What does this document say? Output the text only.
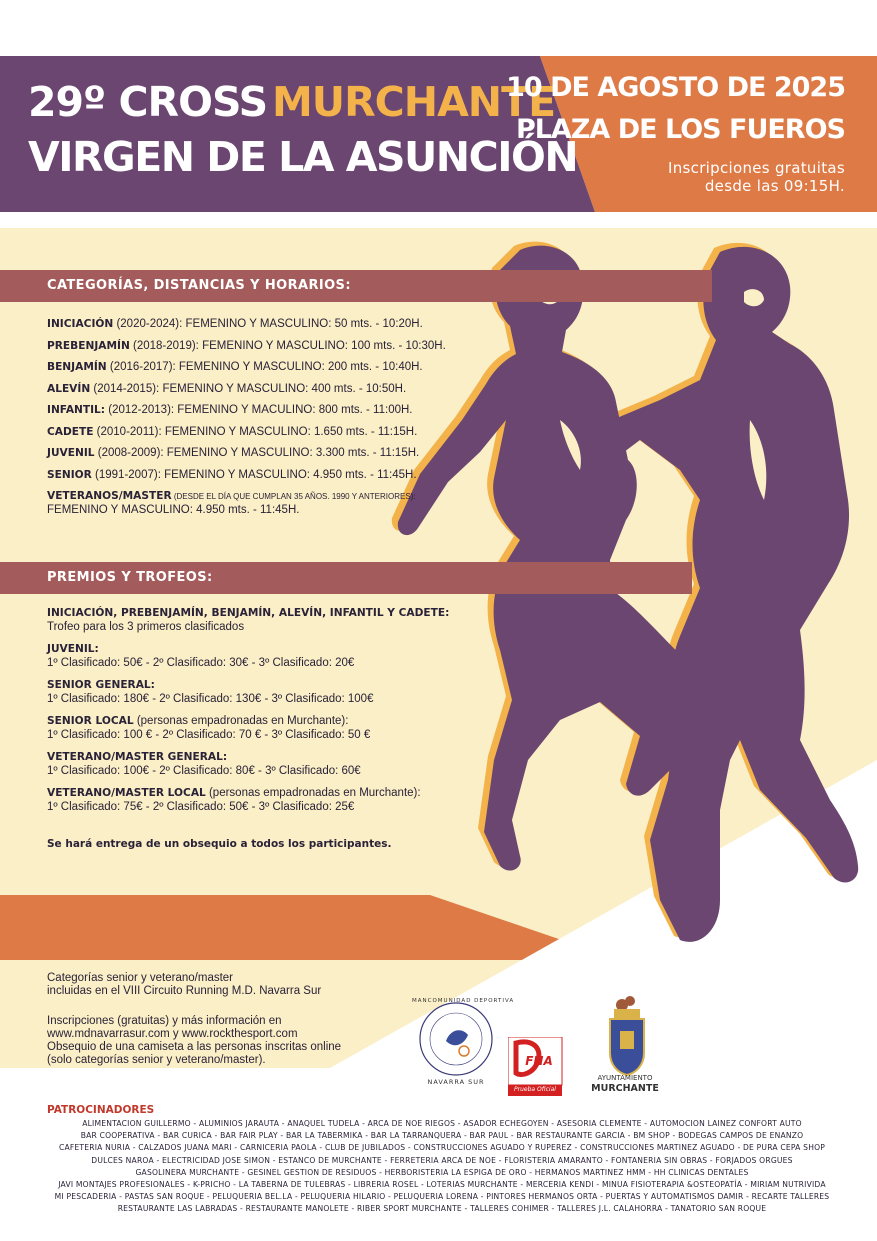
29º CROSS MURCHANTE
VIRGEN DE LA ASUNCIÓN
10 DE AGOSTO DE 2025
PLAZA DE LOS FUEROS
Inscripciones gratuitas
desde las 09:15H.
CATEGORÍAS, DISTANCIAS Y HORARIOS:
INICIACIÓN (2020-2024): FEMENINO Y MASCULINO: 50 mts. - 10:20H.
PREBENJAMÍN (2018-2019): FEMENINO Y MASCULINO: 100 mts. - 10:30H.
BENJAMÍN (2016-2017): FEMENINO Y MASCULINO: 200 mts. - 10:40H.
ALEVÍN (2014-2015): FEMENINO Y MASCULINO: 400 mts. - 10:50H.
INFANTIL: (2012-2013): FEMENINO Y MACULINO: 800 mts. - 11:00H.
CADETE (2010-2011): FEMENINO Y MASCULINO: 1.650 mts. - 11:15H.
JUVENIL (2008-2009): FEMENINO Y MASCULINO: 3.300 mts. - 11:15H.
SENIOR (1991-2007): FEMENINO Y MASCULINO: 4.950 mts. - 11:45H.
VETERANOS/MASTER (DESDE EL DÍA QUE CUMPLAN 35 AÑOS. 1990 Y ANTERIORES):
FEMENINO Y MASCULINO: 4.950 mts. - 11:45H.
PREMIOS Y TROFEOS:
INICIACIÓN, PREBENJAMÍN, BENJAMÍN, ALEVÍN, INFANTIL Y CADETE:
Trofeo para los 3 primeros clasificados
JUVENIL:
1º Clasificado: 50€ - 2º Clasificado: 30€ - 3º Clasificado: 20€
SENIOR GENERAL:
1º Clasificado: 180€ - 2º Clasificado: 130€ - 3º Clasificado: 100€
SENIOR LOCAL (personas empadronadas en Murchante):
1º Clasificado: 100 € - 2º Clasificado: 70 € - 3º Clasificado: 50 €
VETERANO/MASTER GENERAL:
1º Clasificado: 100€ - 2º Clasificado: 80€ - 3º Clasificado: 60€
VETERANO/MASTER LOCAL (personas empadronadas en Murchante):
1º Clasificado: 75€ - 2º Clasificado: 50€ - 3º Clasificado: 25€
Se hará entrega de un obsequio a todos los participantes.
Categorías senior y veterano/master
incluidas en el VIII Circuito Running M.D. Navarra Sur
Inscripciones (gratuitas) y más información en
www.mdnavarrasur.com y www.rockthesport.com
Obsequio de una camiseta a las personas inscritas online
(solo categorías senior y veterano/master).
MANCOMUNIDAD DEPORTIVA
NAVARRA SUR
FNA
Prueba Oficial
AYUNTAMIENTO
MURCHANTE
PATROCINADORES
ALIMENTACION GUILLERMO - ALUMINIOS JARAUTA - ANAQUEL TUDELA - ARCA DE NOE RIEGOS - ASADOR ECHEGOYEN - ASESORIA CLEMENTE - AUTOMOCION LAINEZ CONFORT AUTO
BAR COOPERATIVA - BAR CURICA - BAR FAIR PLAY - BAR LA TABERMIKA - BAR LA TARRANQUERA - BAR PAUL - BAR RESTAURANTE GARCIA - BM SHOP - BODEGAS CAMPOS DE ENANZO
CAFETERIA NURIA - CALZADOS JUANA MARI - CARNICERIA PAOLA - CLUB DE JUBILADOS - CONSTRUCCIONES AGUADO Y RUPEREZ - CONSTRUCCIONES MARTINEZ AGUADO - DE PURA CEPA SHOP
DULCES NAROA - ELECTRICIDAD JOSE SIMON - ESTANCO DE MURCHANTE - FERRETERIA ARCA DE NOE - FLORISTERIA AMARANTO - FONTANERIA SIN OBRAS - FORJADOS ORGUES
GASOLINERA MURCHANTE - GESINEL GESTION DE RESIDUOS - HERBORISTERIA LA ESPIGA DE ORO - HERMANOS MARTINEZ HMM - HH CLINICAS DENTALES
JAVI MONTAJES PROFESIONALES - K-PRICHO - LA TABERNA DE TULEBRAS - LIBRERIA ROSEL - LOTERIAS MURCHANTE - MERCERIA KENDI - MINUA FISIOTERAPIA &OSTEOPATÍA - MIRIAM NUTRIVIDA
MI PESCADERIA - PASTAS SAN ROQUE - PELUQUERIA BEL.LA - PELUQUERIA HILARIO - PELUQUERIA LORENA - PINTORES HERMANOS ORTA - PUERTAS Y AUTOMATISMOS DAMIR - RECARTE TALLERES
RESTAURANTE LAS LABRADAS - RESTAURANTE MANOLETE - RIBER SPORT MURCHANTE - TALLERES COHIMER - TALLERES J.L. CALAHORRA - TANATORIO SAN ROQUE
